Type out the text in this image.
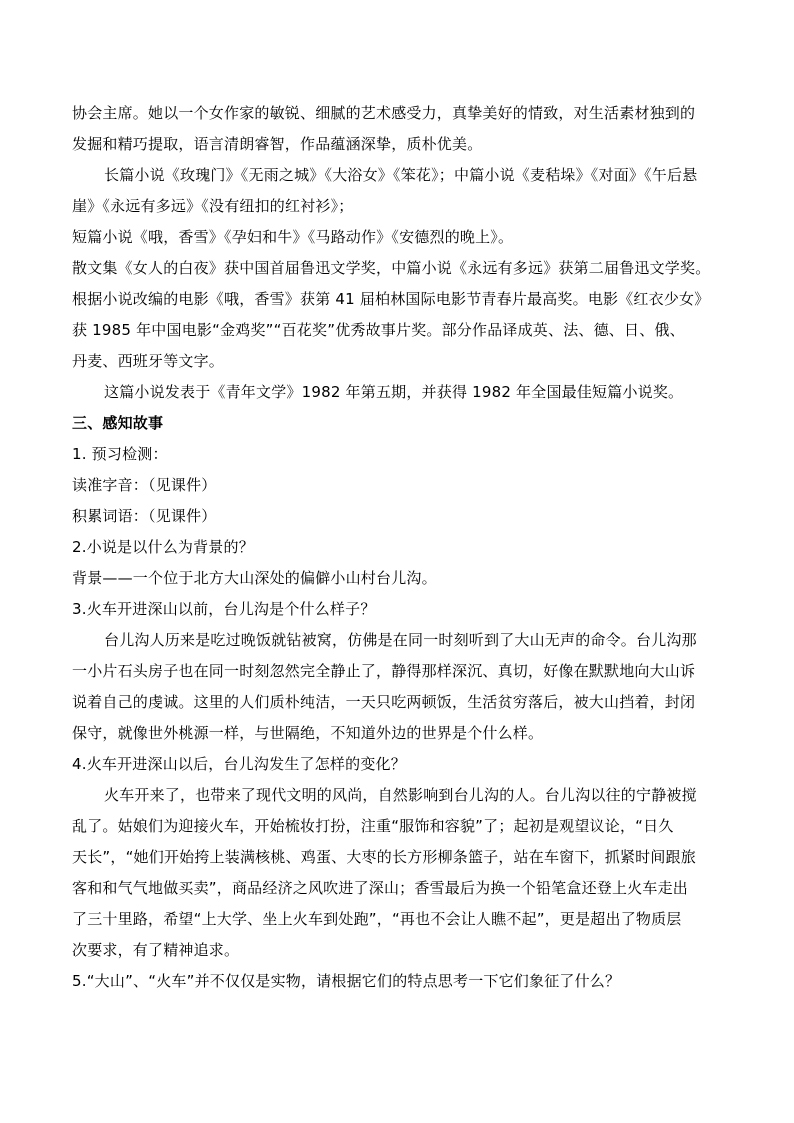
协会主席。她以一个女作家的敏锐、细腻的艺术感受力，真挚美好的情致，对生活素材独到的
发掘和精巧提取，语言清朗睿智，作品蕴涵深挚，质朴优美。
长篇小说《玫瑰门》《无雨之城》《大浴女》《笨花》；中篇小说《麦秸垛》《对面》《午后悬
崖》《永远有多远》《没有纽扣的红衬衫》；
短篇小说《哦，香雪》《孕妇和牛》《马路动作》《安德烈的晚上》。
散文集《女人的白夜》获中国首届鲁迅文学奖，中篇小说《永远有多远》获第二届鲁迅文学奖。
根据小说改编的电影《哦，香雪》获第 41 届柏林国际电影节青春片最高奖。电影《红衣少女》
获 1985 年中国电影“金鸡奖”“百花奖”优秀故事片奖。部分作品译成英、法、德、日、俄、
丹麦、西班牙等文字。
这篇小说发表于《青年文学》1982 年第五期，并获得 1982 年全国最佳短篇小说奖。
三、感知故事
1. 预习检测：
读准字音：（见课件）
积累词语：（见课件）
2.小说是以什么为背景的？
背景——一个位于北方大山深处的偏僻小山村台儿沟。
3.火车开进深山以前，台儿沟是个什么样子？
台儿沟人历来是吃过晚饭就钻被窝，仿佛是在同一时刻听到了大山无声的命令。台儿沟那
一小片石头房子也在同一时刻忽然完全静止了，静得那样深沉、真切，好像在默默地向大山诉
说着自己的虔诚。这里的人们质朴纯洁，一天只吃两顿饭，生活贫穷落后，被大山挡着，封闭
保守，就像世外桃源一样，与世隔绝，不知道外边的世界是个什么样。
4.火车开进深山以后，台儿沟发生了怎样的变化？
火车开来了，也带来了现代文明的风尚，自然影响到台儿沟的人。台儿沟以往的宁静被搅
乱了。姑娘们为迎接火车，开始梳妆打扮，注重“服饰和容貌”了；起初是观望议论，“日久
天长”，“她们开始挎上装满核桃、鸡蛋、大枣的长方形柳条篮子，站在车窗下，抓紧时间跟旅
客和和气气地做买卖”，商品经济之风吹进了深山；香雪最后为换一个铅笔盒还登上火车走出
了三十里路，希望“上大学、坐上火车到处跑”，“再也不会让人瞧不起”，更是超出了物质层
次要求，有了精神追求。
5.“大山”、“火车”并不仅仅是实物，请根据它们的特点思考一下它们象征了什么？
